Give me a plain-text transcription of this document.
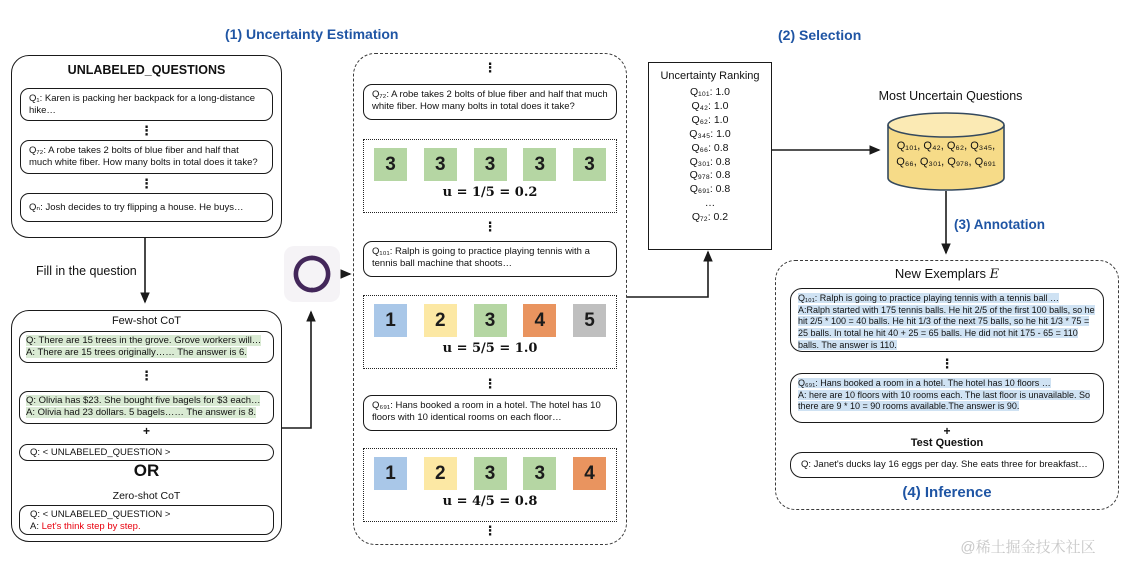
(1) Uncertainty Estimation	(2) Selection
(3) Annotation
UNLABELED_QUESTIONS
Q₁: Karen is packing her backpack for a long-distance hike…
⋮
Q₇₂: A robe takes 2 bolts of blue fiber and half that much white fiber. How many bolts in total does it take?
⋮
Qₙ: Josh decides to try flipping a house. He buys…
Fill in the question
Few-shot CoT
Q: There are 15 trees in the grove. Grove workers will…
A: There are 15 trees originally…… The answer is 6.
⋮
Q: Olivia has $23. She bought five bagels for $3 each…
A: Olivia had 23 dollars. 5 bagels…… The answer is 8.
+
Q: < UNLABELED_QUESTION >
OR
Zero-shot CoT
Q: < UNLABELED_QUESTION >
A: Let's think step by step.
⋮
Q₇₂: A robe takes 2 bolts of blue fiber and half that much white fiber. How many bolts in total does it take?
3	3	3	3	3
u = 1/5 = 0.2
⋮
Q₁₀₁: Ralph is going to practice playing tennis with a tennis ball machine that shoots…
1	2	3	4	5
u = 5/5 = 1.0
⋮
Q₆₉₁: Hans booked a room in a hotel. The hotel has 10 floors with 10 identical rooms on each floor…
1	2	3	3	4
u = 4/5 = 0.8
⋮
Uncertainty Ranking
Q₁₀₁: 1.0
Q₄₂: 1.0
Q₆₂: 1.0
Q₃₄₅: 1.0
Q₆₆: 0.8
Q₃₀₁: 0.8
Q₉₇₈: 0.8
Q₆₉₁: 0.8
…
Q₇₂: 0.2
Most Uncertain Questions
Q₁₀₁, Q₄₂, Q₆₂, Q₃₄₅,
Q₆₆, Q₃₀₁, Q₉₇₈, Q₆₉₁
New Exemplars E
Q₁₀₁: Ralph is going to practice playing tennis with a tennis ball …
A:Ralph started with 175 tennis balls. He hit 2/5 of the first 100 balls, so he hit 2/5 * 100 = 40 balls. He hit 1/3 of the next 75 balls, so he hit 1/3 * 75 = 25 balls. In total he hit 40 + 25 = 65 balls. He did not hit 175 - 65 = 110 balls. The answer is 110.
⋮
Q₆₉₁: Hans booked a room in a hotel. The hotel has 10 floors …
A: here are 10 floors with 10 rooms each. The last floor is unavailable. So there are 9 * 10 = 90 rooms available.The answer is 90.
+
Test Question
Q: Janet's ducks lay 16 eggs per day. She eats three for breakfast…
(4) Inference
@稀土掘金技术社区
